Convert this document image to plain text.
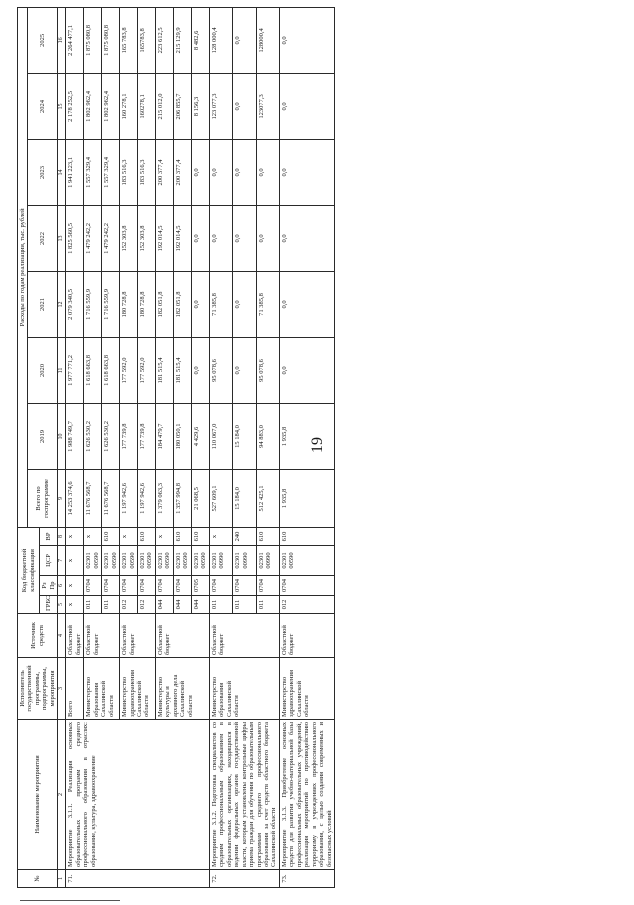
19
№	Наименование мероприятия	Исполнитель государственной программы, подпрограммы, мероприятия	Источник средств	Код бюджетной классификации				Расходы по годам реализации, тыс. рублей							
								Всего по госпрограмме	2019	2020	2021	2022	2023	2024	2025
				ГРБС	Рз Пр	ЦСР	ВР								
1	2	3	4	5	6	7	8	9	10	11	12	13	14	15	16
71.	Мероприятие 3.1.1. Реализация основных образовательных программ среднего профессионального образования в отраслях: образование, культура, здравоохранение	Всего	Областной бюджет	x	x	x	x	14 253 374,6	1 988 749,7	1 977 771,2	2 079 340,5	1 825 560,5	1 941 223,1	2 178 252,5	2 264 477,1
		Министерство образования Сахалинской области	Областной бюджет	011	0704	02301 00590	x	11 676 568,7	1 626 530,2	1 618 663,8	1 716 559,9	1 479 242,2	1 557 329,4	1 802 962,4	1 875 080,8
				011	0704	02301 00590	610	11 676 568,7	1 626 530,2	1 618 663,8	1 716 559,9	1 479 242,2	1 557 329,4	1 802 962,4	1 875 080,8
		Министерство здравоохранения Сахалинской области	Областной бюджет	012	0704	02301 00590	x	1 197 942,6	177 739,8	177 592,0	180 728,8	152 303,8	183 516,3	160 278,1	165 783,8
				012	0704	02301 00590	610	1 197 942,6	177 739,8	177 592,0	180 728,8	152 303,8	183 516,3	160278,1	165783,8
		Министерство культуры и архивного дела Сахалинской области	Областной бюджет	044	0704	02301 00590	x	1 379 063,3	184 479,7	181 515,4	182 051,8	192 014,5	200 377,4	215 012,0	223 612,5
				044	0704	02301 00590	610	1 357 994,8	180 050,1	181 515,4	182 051,8	192 014,5	200 377,4	206 855,7	215 129,9
				044	0705	02301 00590	610	21 068,5	4 429,6	0,0	0,0	0,0	0,0	8 156,3	8 482,6
72.	Мероприятие 3.1.2. Подготовка специалистов со средним профессиональным образованием в образовательных организациях, находящихся в ведении федеральных органов государственной власти, которым установлены контрольные цифры приема граждан для обучения по образовательным программам среднего профессионального образования за счет средств областного бюджета Сахалинской области	Министерство образования Сахалинской области	Областной бюджет	011	0704	02301 00990	x	527 609,1	110 067,0	95 078,6	71 385,8	0,0	0,0	123 077,3	128 000,4
				011	0704	02301 00990	240	15 184,0	15 184,0	0,0	0,0	0,0	0,0	0,0	0,0
				011	0704	02301 00990	610	512 425,1	94 883,0	95 078,6	71 385,8	0,0	0,0	123077,3	128000,4
73.	Мероприятие 3.1.3. Приобретение основных средств для развития учебно-материальной базы профессиональных образовательных учреждений, реализация мероприятий по противодействию терроризму в учреждениях профессионального образования, с целью создания современных и безопасных условий	Министерство здравоохранения Сахалинской области	Областной бюджет	012	0704	02301 00590	610	1 935,8	1 935,8	0,0	0,0	0,0	0,0	0,0	0,0
